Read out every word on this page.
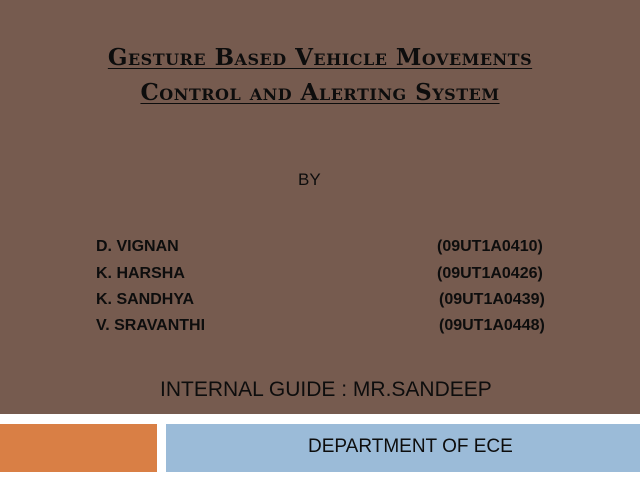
Gesture Based Vehicle Movements
Control and Alerting System
BY
D. VIGNAN	(09UT1A0410)
K. HARSHA	(09UT1A0426)
K. SANDHYA	(09UT1A0439)
V. SRAVANTHI	(09UT1A0448)
INTERNAL GUIDE : MR.SANDEEP
DEPARTMENT OF ECE
